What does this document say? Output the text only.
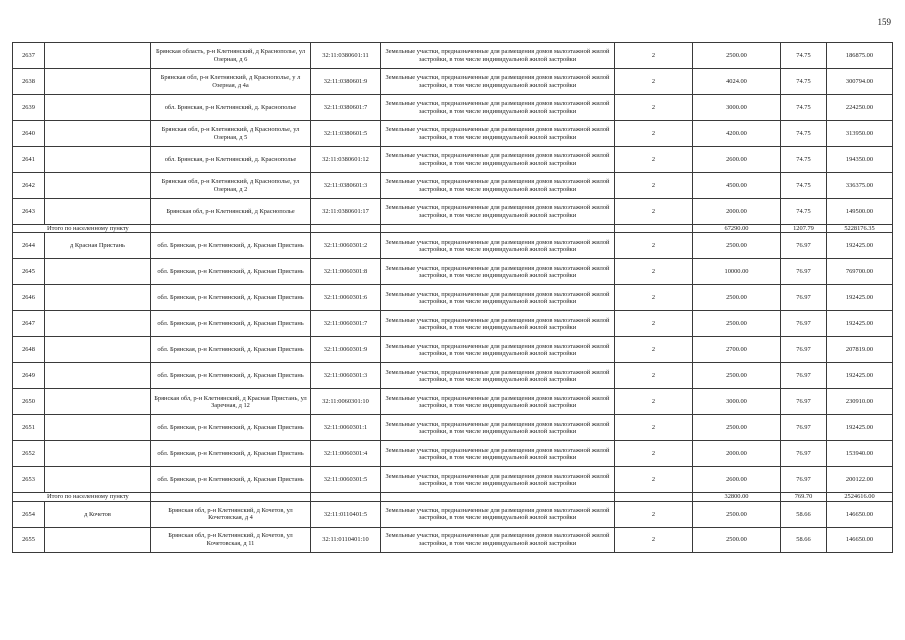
159
2637		Брянская область, р-н Клетнянский, д Краснополье, ул Озерная, д 6	32:11:0380601:11	Земельные участки, предназначенные для размещения домов малоэтажной жилой застройки, в том числе индивидуальной жилой застройки	2	2500.00	74.75	186875.00
2638		Брянская обл, р-н Клетнянский, д Краснополье, у л Озерная, д 4а	32:11:0380601:9	Земельные участки, предназначенные для размещения домов малоэтажной жилой застройки, в том числе индивидуальной жилой застройки	2	4024.00	74.75	300794.00
2639		обл. Брянская, р-н Клетнянский, д. Краснополье	32:11:0380601:7	Земельные участки, предназначенные для размещения домов малоэтажной жилой застройки, в том числе индивидуальной жилой застройки	2	3000.00	74.75	224250.00
2640		Брянская обл, р-н Клетнянский, д Краснополье, ул Озерная, д 5	32:11:0380601:5	Земельные участки, предназначенные для размещения домов малоэтажной жилой застройки, в том числе индивидуальной жилой застройки	2	4200.00	74.75	313950.00
2641		обл. Брянская, р-н Клетнянский, д. Краснополье	32:11:0380601:12	Земельные участки, предназначенные для размещения домов малоэтажной жилой застройки, в том числе индивидуальной жилой застройки	2	2600.00	74.75	194350.00
2642		Брянская обл, р-н Клетнянский, д Краснополье, ул Озерная, д 2	32:11:0380601:3	Земельные участки, предназначенные для размещения домов малоэтажной жилой застройки, в том числе индивидуальной жилой застройки	2	4500.00	74.75	336375.00
2643		Брянская обл, р-н Клетнянский, д Краснополье	32:11:0380601:17	Земельные участки, предназначенные для размещения домов малоэтажной жилой застройки, в том числе индивидуальной жилой застройки	2	2000.00	74.75	149500.00
Итого по населенному пункту						67290.00	1207.79	5228176.35
2644	д Красная Пристань	обл. Брянская, р-н Клетнянский, д. Красная Пристань	32:11:0060301:2	Земельные участки, предназначенные для размещения домов малоэтажной жилой застройки, в том числе индивидуальной жилой застройки	2	2500.00	76.97	192425.00
2645		обл. Брянская, р-н Клетнянский, д. Красная Пристань	32:11:0060301:8	Земельные участки, предназначенные для размещения домов малоэтажной жилой застройки, в том числе индивидуальной жилой застройки	2	10000.00	76.97	769700.00
2646		обл. Брянская, р-н Клетнянский, д. Красная Пристань	32:11:0060301:6	Земельные участки, предназначенные для размещения домов малоэтажной жилой застройки, в том числе индивидуальной жилой застройки	2	2500.00	76.97	192425.00
2647		обл. Брянская, р-н Клетнянский, д. Красная Пристань	32:11:0060301:7	Земельные участки, предназначенные для размещения домов малоэтажной жилой застройки, в том числе индивидуальной жилой застройки	2	2500.00	76.97	192425.00
2648		обл. Брянская, р-н Клетнянский, д. Красная Пристань	32:11:0060301:9	Земельные участки, предназначенные для размещения домов малоэтажной жилой застройки, в том числе индивидуальной жилой застройки	2	2700.00	76.97	207819.00
2649		обл. Брянская, р-н Клетнянский, д. Красная Пристань	32:11:0060301:3	Земельные участки, предназначенные для размещения домов малоэтажной жилой застройки, в том числе индивидуальной жилой застройки	2	2500.00	76.97	192425.00
2650		Брянская обл, р-н Клетнянский, д Красная Пристань, ул Заречная, д 12	32:11:0060301:10	Земельные участки, предназначенные для размещения домов малоэтажной жилой застройки, в том числе индивидуальной жилой застройки	2	3000.00	76.97	230910.00
2651		обл. Брянская, р-н Клетнянский, д. Красная Пристань	32:11:0060301:1	Земельные участки, предназначенные для размещения домов малоэтажной жилой застройки, в том числе индивидуальной жилой застройки	2	2500.00	76.97	192425.00
2652		обл. Брянская, р-н Клетнянский, д. Красная Пристань	32:11:0060301:4	Земельные участки, предназначенные для размещения домов малоэтажной жилой застройки, в том числе индивидуальной жилой застройки	2	2000.00	76.97	153940.00
2653		обл. Брянская, р-н Клетнянский, д. Красная Пристань	32:11:0060301:5	Земельные участки, предназначенные для размещения домов малоэтажной жилой застройки, в том числе индивидуальной жилой застройки	2	2600.00	76.97	200122.00
Итого по населенному пункту						32800.00	769.70	2524616.00
2654	д Кочетов	Брянская обл, р-н Клетнянский, д Кочетов, ул Кочетовская, д 4	32:11:0110401:5	Земельные участки, предназначенные для размещения домов малоэтажной жилой застройки, в том числе индивидуальной жилой застройки	2	2500.00	58.66	146650.00
2655		Брянская обл, р-н Клетнянский, д Кочетов, ул Кочетовская, д 11	32:11:0110401:10	Земельные участки, предназначенные для размещения домов малоэтажной жилой застройки, в том числе индивидуальной жилой застройки	2	2500.00	58.66	146650.00
